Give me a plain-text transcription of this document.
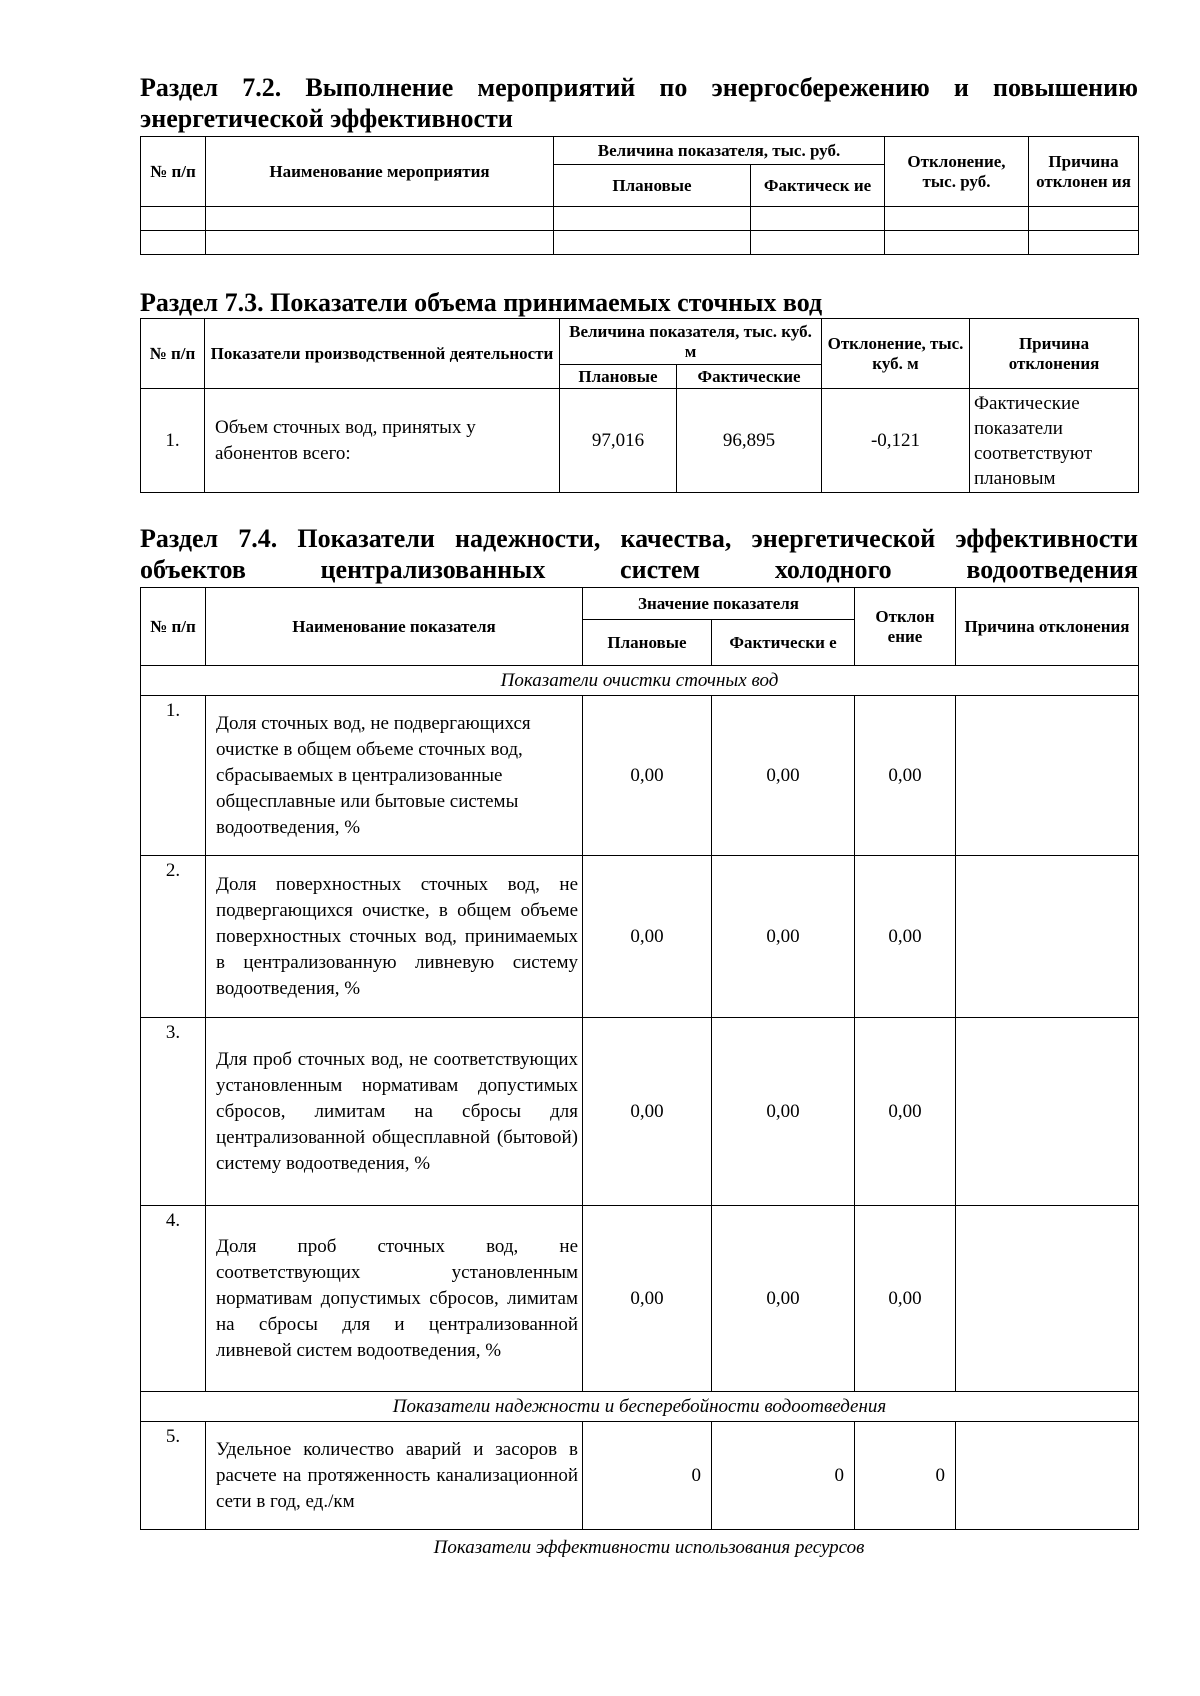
Раздел 7.2. Выполнение мероприятий по энергосбережению и повышению энергетической эффективности
№ п/п	Наименование мероприятия	Величина показателя, тыс. руб.		Отклонение, тыс. руб.	Причина отклонен ия
		Плановые	Фактическ ие		

Раздел 7.3. Показатели объема принимаемых сточных вод
№ п/п	Показатели производственной деятельности	Величина показателя, тыс. куб. м		Отклонение, тыс. куб. м	Причина отклонения
		Плановые	Фактические		
1.	Объем сточных вод, принятых у абонентов всего:	97,016	96,895	-0,121	Фактические показатели соответствуют плановым
Раздел 7.4. Показатели надежности, качества, энергетической эффективности объектов централизованных систем холодного водоотведения
№ п/п	Наименование показателя	Значение показателя		Отклон ение	Причина отклонения
		Плановые	Фактически е		
Показатели очистки сточных вод					
1.	Доля сточных вод, не подвергающихся очистке в общем объеме сточных вод, сбрасываемых в централизованные общесплавные или бытовые системы водоотведения, %	0,00	0,00	0,00	
2.	Доля поверхностных сточных вод, не подвергающихся очистке, в общем объеме поверхностных сточных вод, принимаемых в централизованную ливневую систему водоотведения, %	0,00	0,00	0,00	
3.	Для проб сточных вод, не соответствующих установленным нормативам допустимых сбросов, лимитам на сбросы для централизованной общесплавной (бытовой) систему водоотведения, %	0,00	0,00	0,00	
4.	Доля проб сточных вод, не соответствующих установленным нормативам допустимых сбросов, лимитам на сбросы для и централизованной ливневой систем водоотведения, %	0,00	0,00	0,00	
Показатели надежности и бесперебойности водоотведения					
5.	Удельное количество аварий и засоров в расчете на протяженность канализационной сети в год, ед./км	0	0	0	
Показатели эффективности использования ресурсов
